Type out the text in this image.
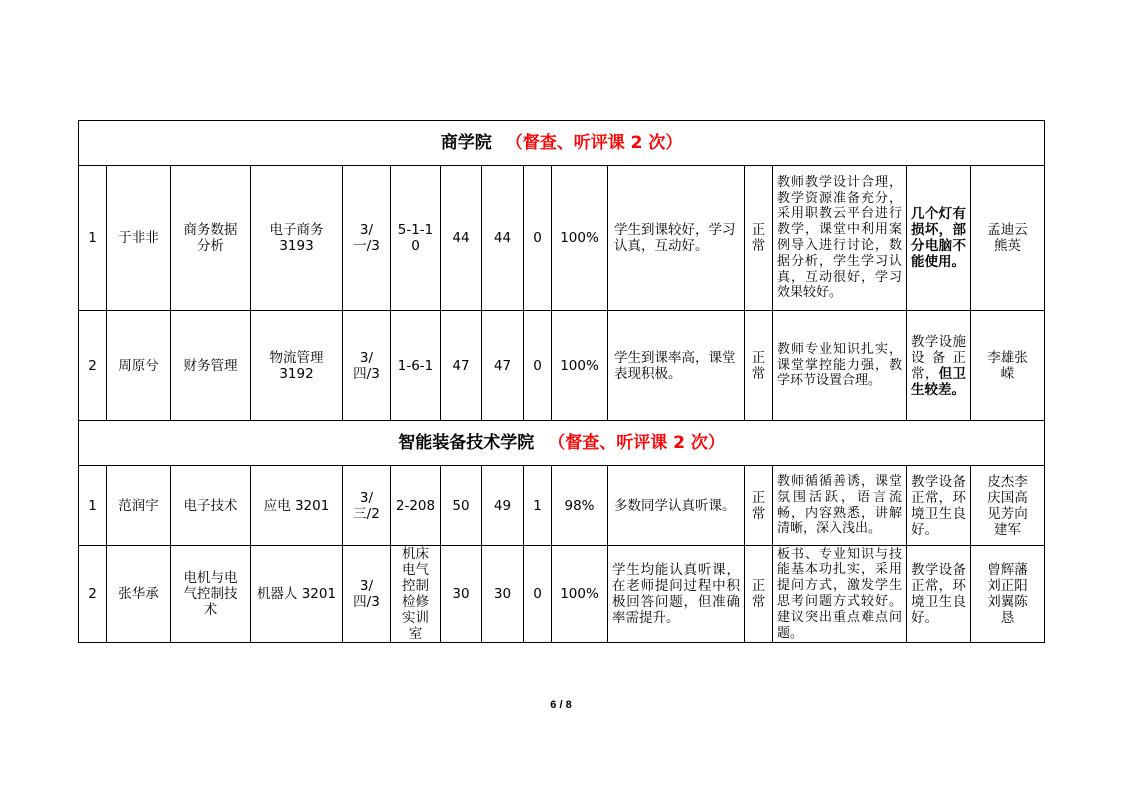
商学院 （督查、听评课 2 次）														
1	于非非	商务数据分析	电子商务3193	3/一/3	5-1-10	44	44	0	100%	学生到课较好，学习认真，互动好。	正常	教师教学设计合理，教学资源准备充分，采用职教云平台进行教学，课堂中利用案例导入进行讨论，数据分析，学生学习认真，互动很好，学习效果较好。	几个灯有损坏，部分电脑不能使用。	孟迪云熊英
2	周原兮	财务管理	物流管理3192	3/四/3	1-6-1	47	47	0	100%	学生到课率高，课堂表现积极。	正常	教师专业知识扎实，课堂掌控能力强，教学环节设置合理。	教学设施设备正常，但卫生较差。	李雄张嵘
智能装备技术学院 （督查、听评课 2 次）														
1	范润宇	电子技术	应电 3201	3/三/2	2-208	50	49	1	98%	多数同学认真听课。	正常	教师循循善诱，课堂氛围活跃，语言流畅，内容熟悉，讲解清晰，深入浅出。	教学设备正常，环境卫生良好。	皮杰李庆国高见芳向建军
2	张华承	电机与电气控制技术	机器人 3201	3/四/3	机床电气控制检修实训室	30	30	0	100%	学生均能认真听课，在老师提问过程中积极回答问题，但准确率需提升。	正常	板书、专业知识与技能基本功扎实，采用提问方式，激发学生思考问题方式较好。建议突出重点难点问题。	教学设备正常，环境卫生良好。	曾辉藩刘正阳刘翼陈恳
6 / 8
